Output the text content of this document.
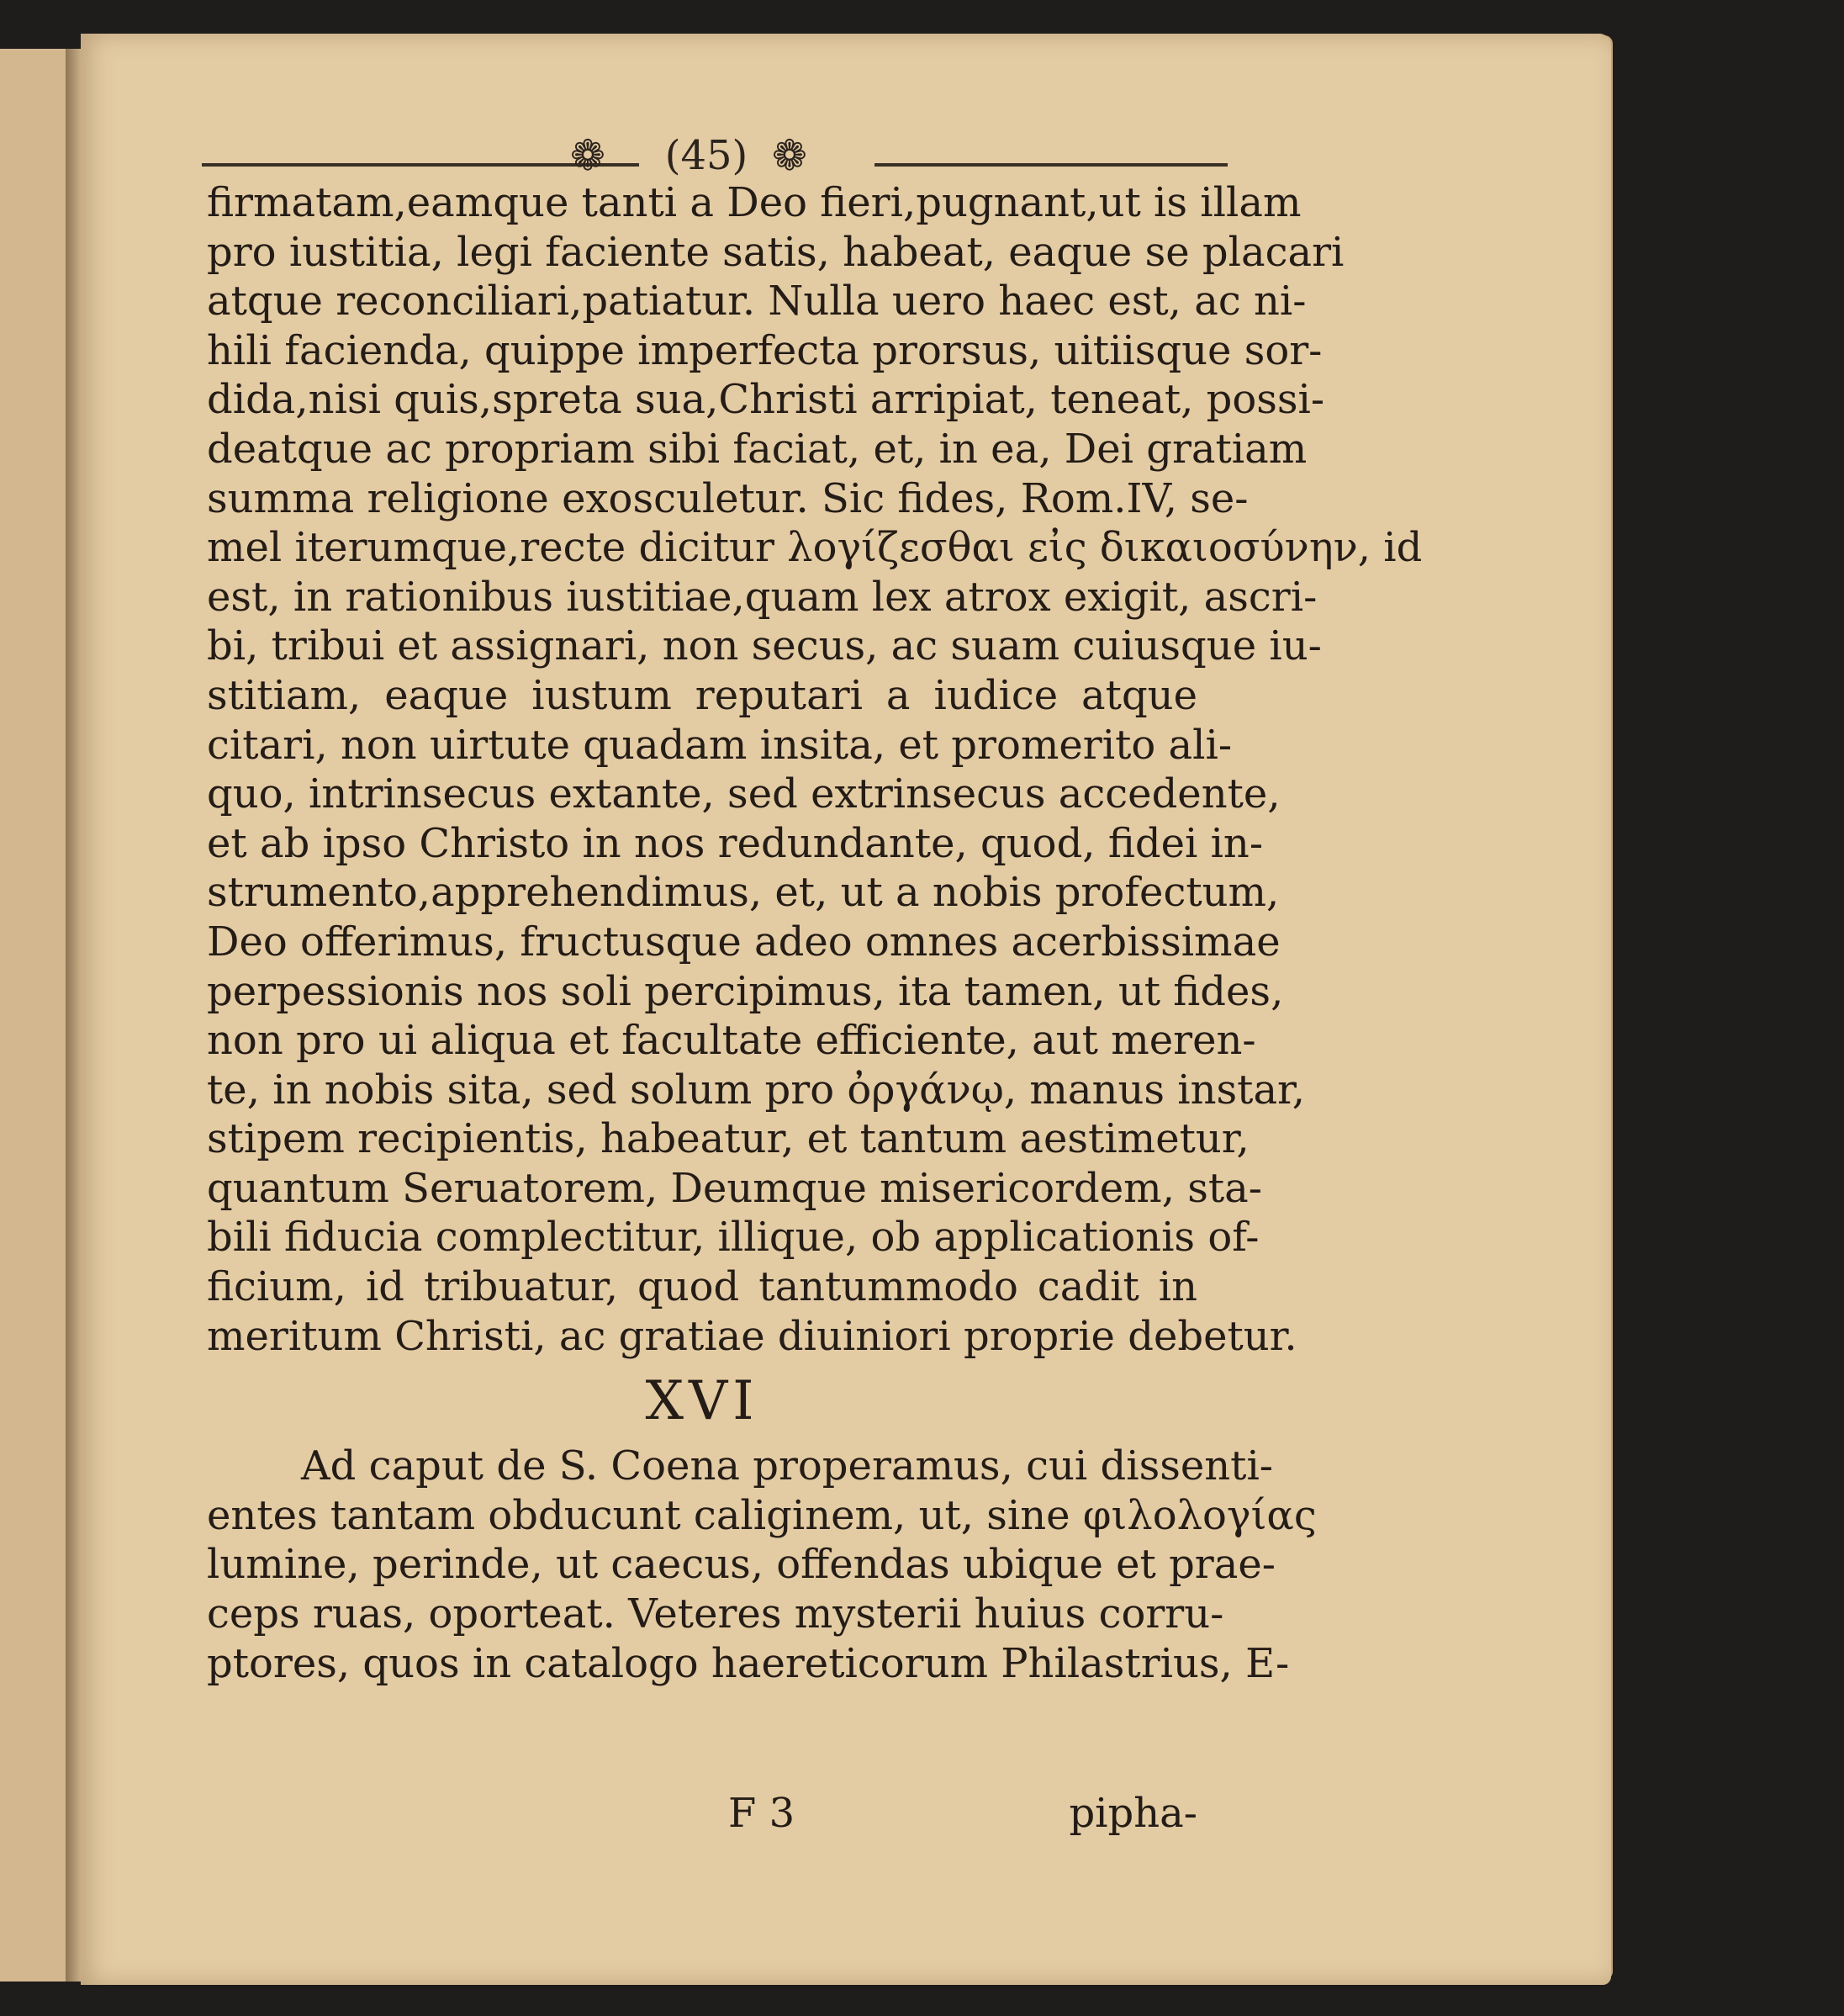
❁	(45) ❁
firmatam,eamque tanti a Deo fieri,pugnant,ut is illam
pro iustitia, legi faciente satis, habeat, eaque se placari
atque reconciliari,patiatur. Nulla uero haec est, ac ni-
hili facienda, quippe imperfecta prorsus, uitiisque sor-
dida,nisi quis,spreta sua,Christi arripiat, teneat, possi-
deatque ac propriam sibi faciat, et, in ea, Dei gratiam
summa religione exosculetur. Sic fides, Rom.IV, se-
mel iterumque,recte dicitur λογίζεσθαι εἰς δικαιοσύνην, id
est, in rationibus iustitiae,quam lex atrox exigit, ascri-
bi, tribui et assignari, non secus, ac suam cuiusque iu-
stitiam, eaque iustum reputari a iudice atque
citari, non uirtute quadam insita, et promerito ali-
quo, intrinsecus extante, sed extrinsecus accedente,
et ab ipso Christo in nos redundante, quod, fidei in-
strumento,apprehendimus, et, ut a nobis profectum,
Deo offerimus, fructusque adeo omnes acerbissimae
perpessionis nos soli percipimus, ita tamen, ut fides,
non pro ui aliqua et facultate efficiente, aut meren-
te, in nobis sita, sed solum pro ὀργάνῳ, manus instar,
stipem recipientis, habeatur, et tantum aestimetur,
quantum Seruatorem, Deumque misericordem, sta-
bili fiducia complectitur, illique, ob applicationis of-
ficium, id tribuatur, quod tantummodo cadit in
meritum Christi, ac gratiae diuiniori proprie debetur.
XVI
Ad caput de S. Coena properamus, cui dissenti-
entes tantam obducunt caliginem, ut, sine φιλολογίας
lumine, perinde, ut caecus, offendas ubique et prae-
ceps ruas, oporteat. Veteres mysterii huius corru-
ptores, quos in catalogo haereticorum Philastrius, E-
F 3	pipha-
